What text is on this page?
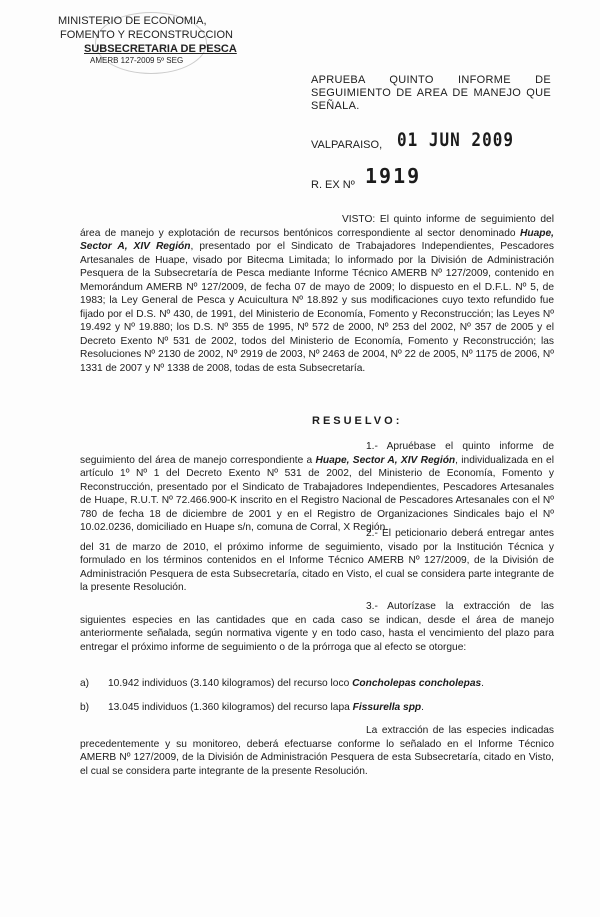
MINISTERIO DE ECONOMIA,
FOMENTO Y RECONSTRUCCION
SUBSECRETARIA DE PESCA
AMERB 127-2009 5º SEG
APRUEBA QUINTO INFORME DE SEGUIMIENTO DE AREA DE MANEJO QUE SEÑALA.
VALPARAISO, 01 JUN 2009
R. EX Nº 1919

VISTO: El quinto informe de seguimiento del área de manejo y explotación de recursos bentónicos correspondiente al sector denominado Huape, Sector A, XIV Región, presentado por el Sindicato de Trabajadores Independientes, Pescadores Artesanales de Huape, visado por Bitecma Limitada; lo informado por la División de Administración Pesquera de la Subsecretaría de Pesca mediante Informe Técnico AMERB Nº 127/2009, contenido en Memorándum AMERB Nº 127/2009, de fecha 07 de mayo de 2009; lo dispuesto en el D.F.L. Nº 5, de 1983; la Ley General de Pesca y Acuicultura Nº 18.892 y sus modificaciones cuyo texto refundido fue fijado por el D.S. Nº 430, de 1991, del Ministerio de Economía, Fomento y Reconstrucción; las Leyes Nº 19.492 y Nº 19.880; los D.S. Nº 355 de 1995, Nº 572 de 2000, Nº 253 del 2002, Nº 357 de 2005 y el Decreto Exento Nº 531 de 2002, todos del Ministerio de Economía, Fomento y Reconstrucción; las Resoluciones Nº 2130 de 2002, Nº 2919 de 2003, Nº 2463 de 2004, Nº 22 de 2005, Nº 1175 de 2006, Nº 1331 de 2007 y Nº 1338 de 2008, todas de esta Subsecretaría.

RESUELVO:

1.- Apruébase el quinto informe de seguimiento del área de manejo correspondiente a Huape, Sector A, XIV Región, individualizada en el artículo 1º Nº 1 del Decreto Exento Nº 531 de 2002, del Ministerio de Economía, Fomento y Reconstrucción, presentado por el Sindicato de Trabajadores Independientes, Pescadores Artesanales de Huape, R.U.T. Nº 72.466.900-K inscrito en el Registro Nacional de Pescadores Artesanales con el Nº 780 de fecha 18 de diciembre de 2001 y en el Registro de Organizaciones Sindicales bajo el Nº 10.02.0236, domiciliado en Huape s/n, comuna de Corral, X Región.

2.- El peticionario deberá entregar antes del 31 de marzo de 2010, el próximo informe de seguimiento, visado por la Institución Técnica y formulado en los términos contenidos en el Informe Técnico AMERB Nº 127/2009, de la División de Administración Pesquera de esta Subsecretaría, citado en Visto, el cual se considera parte integrante de la presente Resolución.

3.- Autorízase la extracción de las siguientes especies en las cantidades que en cada caso se indican, desde el área de manejo anteriormente señalada, según normativa vigente y en todo caso, hasta el vencimiento del plazo para entregar el próximo informe de seguimiento o de la prórroga que al efecto se otorgue:

a) 10.942 individuos (3.140 kilogramos) del recurso loco Concholepas concholepas.
b) 13.045 individuos (1.360 kilogramos) del recurso lapa Fissurella spp.

La extracción de las especies indicadas precedentemente y su monitoreo, deberá efectuarse conforme lo señalado en el Informe Técnico AMERB Nº 127/2009, de la División de Administración Pesquera de esta Subsecretaría, citado en Visto, el cual se considera parte integrante de la presente Resolución.
